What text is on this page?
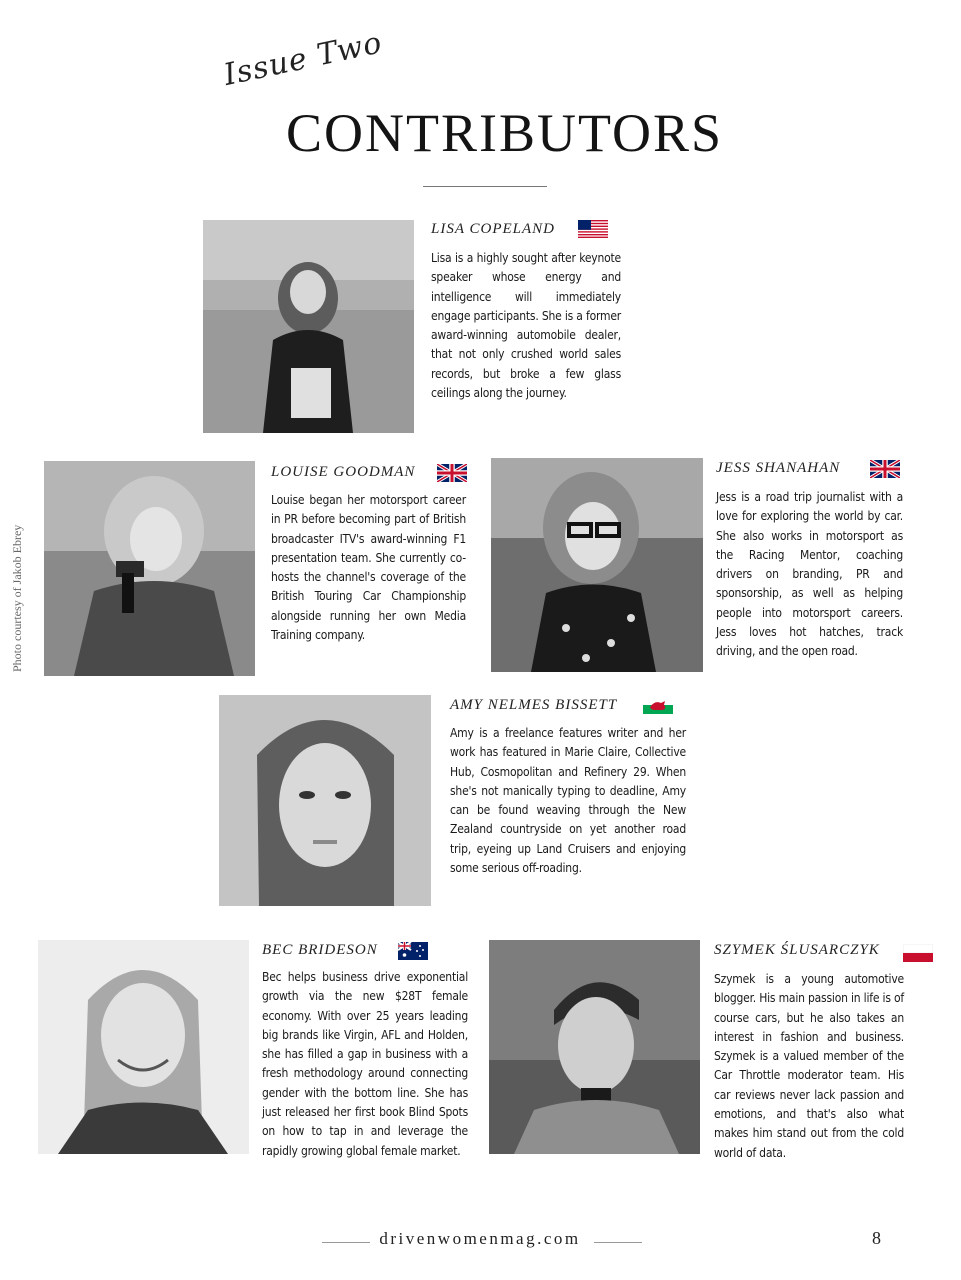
Issue Two
CONTRIBUTORS
LISA COPELAND
Lisa is a highly sought after keynote speaker whose energy and intelligence will immediately engage participants. She is a former award-winning automobile dealer, that not only crushed world sales records, but broke a few glass ceilings along the journey.
LOUISE GOODMAN
Louise began her motorsport career in PR before becoming part of British broadcaster ITV's award-winning F1 presentation team. She currently co-hosts the channel's coverage of the British Touring Car Championship alongside running her own Media Training company.
Photo courtesy of Jakob Ebrey
JESS SHANAHAN
Jess is a road trip journalist with a love for exploring the world by car. She also works in motorsport as the Racing Mentor, coaching drivers on branding, PR and sponsorship, as well as helping people into motorsport careers. Jess loves hot hatches, track driving, and the open road.
AMY NELMES BISSETT
Amy is a freelance features writer and her work has featured in Marie Claire, Collective Hub, Cosmopolitan and Refinery 29. When she's not manically typing to deadline, Amy can be found weaving through the New Zealand countryside on yet another road trip, eyeing up Land Cruisers and enjoying some serious off-roading.
BEC BRIDESON
Bec helps business drive exponential growth via the new $28T female economy. With over 25 years leading big brands like Virgin, AFL and Holden, she has filled a gap in business with a fresh methodology around connecting gender with the bottom line. She has just released her first book Blind Spots on how to tap in and leverage the rapidly growing global female market.
SZYMEK ŚLUSARCZYK
Szymek is a young automotive blogger. His main passion in life is of course cars, but he also takes an interest in fashion and business. Szymek is a valued member of the Car Throttle moderator team. His car reviews never lack passion and emotions, and that's also what makes him stand out from the cold world of data.
drivenwomenmag.com	8
